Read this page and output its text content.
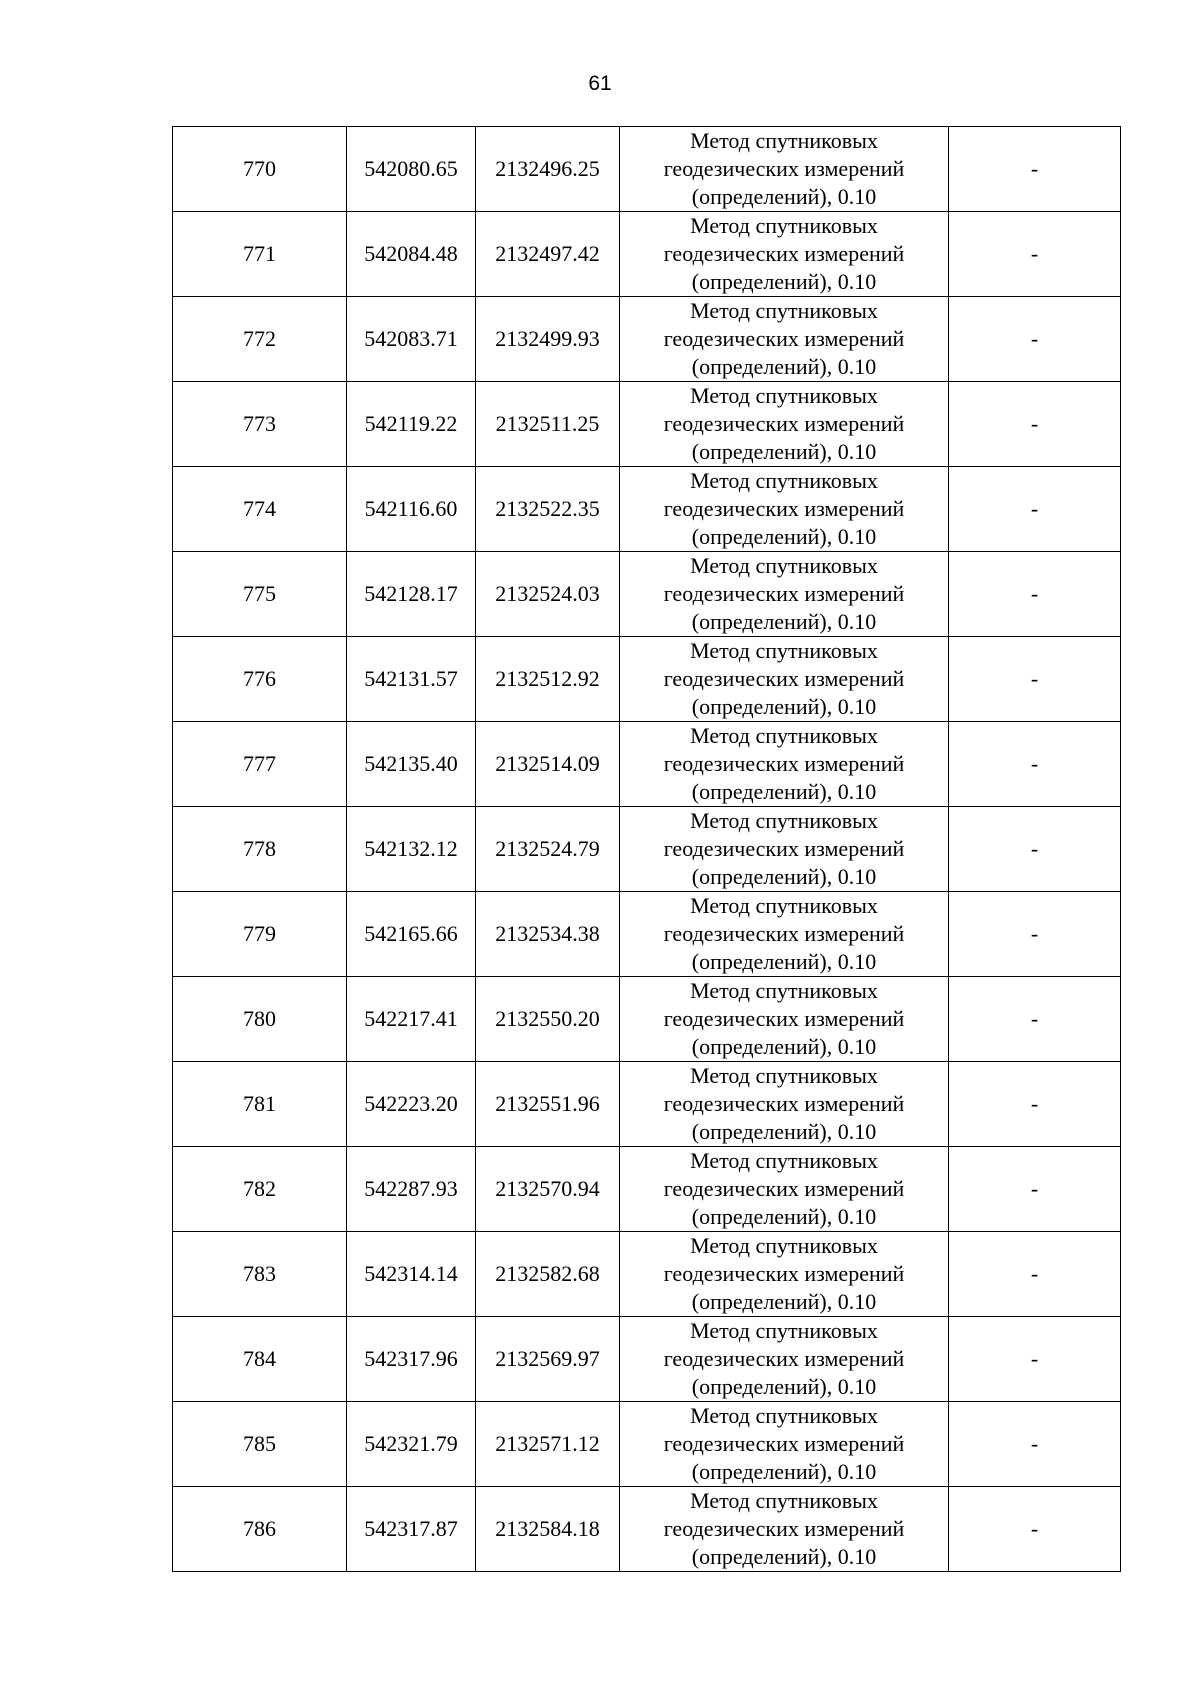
61
770	542080.65	2132496.25	Метод спутниковых
геодезических измерений
(определений), 0.10	-
771	542084.48	2132497.42	Метод спутниковых
геодезических измерений
(определений), 0.10	-
772	542083.71	2132499.93	Метод спутниковых
геодезических измерений
(определений), 0.10	-
773	542119.22	2132511.25	Метод спутниковых
геодезических измерений
(определений), 0.10	-
774	542116.60	2132522.35	Метод спутниковых
геодезических измерений
(определений), 0.10	-
775	542128.17	2132524.03	Метод спутниковых
геодезических измерений
(определений), 0.10	-
776	542131.57	2132512.92	Метод спутниковых
геодезических измерений
(определений), 0.10	-
777	542135.40	2132514.09	Метод спутниковых
геодезических измерений
(определений), 0.10	-
778	542132.12	2132524.79	Метод спутниковых
геодезических измерений
(определений), 0.10	-
779	542165.66	2132534.38	Метод спутниковых
геодезических измерений
(определений), 0.10	-
780	542217.41	2132550.20	Метод спутниковых
геодезических измерений
(определений), 0.10	-
781	542223.20	2132551.96	Метод спутниковых
геодезических измерений
(определений), 0.10	-
782	542287.93	2132570.94	Метод спутниковых
геодезических измерений
(определений), 0.10	-
783	542314.14	2132582.68	Метод спутниковых
геодезических измерений
(определений), 0.10	-
784	542317.96	2132569.97	Метод спутниковых
геодезических измерений
(определений), 0.10	-
785	542321.79	2132571.12	Метод спутниковых
геодезических измерений
(определений), 0.10	-
786	542317.87	2132584.18	Метод спутниковых
геодезических измерений
(определений), 0.10	-
